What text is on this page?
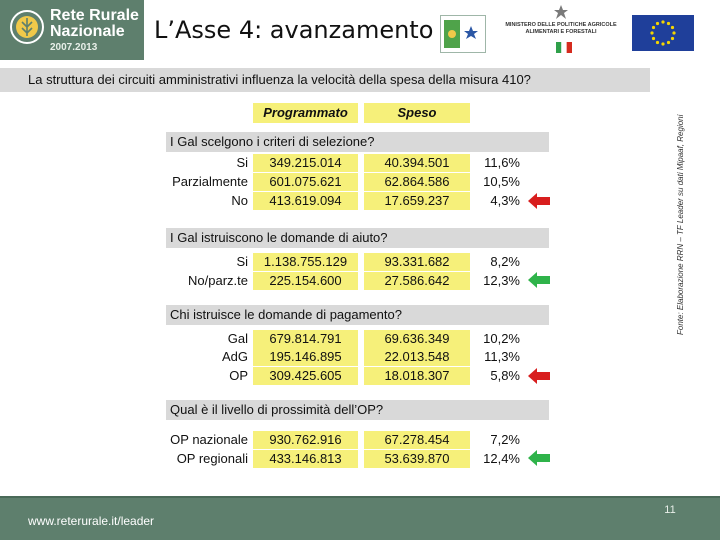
Rete Rurale
Nazionale
2007.2013
L’Asse 4: avanzamento	MINISTERO DELLE POLITICHE AGRICOLE
ALIMENTARI E FORESTALI
La struttura dei circuiti amministrativi influenza la velocità della spesa della misura 410?
Fonte: Elaborazione RRN – TF Leader su dati Mipaaf, Regioni
Programmato	Speso
I Gal scelgono i criteri di selezione?
Si	349.215.014	40.394.501	11,6%
Parzialmente	601.075.621	62.864.586	10,5%
No	413.619.094	17.659.237	4,3%
I Gal istruiscono le domande di aiuto?
Si	1.138.755.129	93.331.682	8,2%
No/parz.te	225.154.600	27.586.642	12,3%
Chi istruisce le domande di pagamento?
Gal	679.814.791	69.636.349	10,2%
AdG	195.146.895	22.013.548	11,3%
OP	309.425.605	18.018.307	5,8%
Qual è il livello di prossimità dell’OP?
OP nazionale	930.762.916	67.278.454	7,2%
OP regionali	433.146.813	53.639.870	12,4%
www.reterurale.it/leader
11
